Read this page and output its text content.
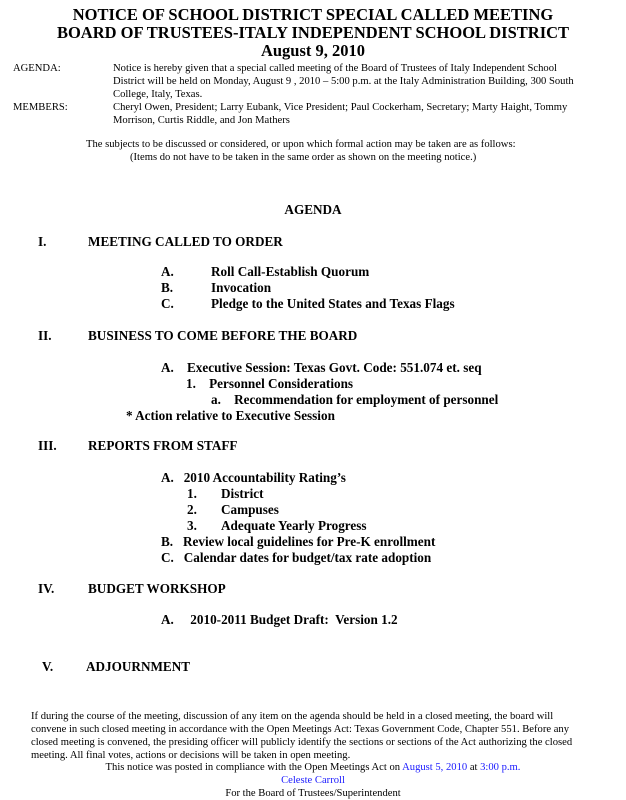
NOTICE OF SCHOOL DISTRICT SPECIAL CALLED MEETING
BOARD OF TRUSTEES-ITALY INDEPENDENT SCHOOL DISTRICT
August 9, 2010
AGENDA:	Notice is hereby given that a special called meeting of the Board of Trustees of Italy Independent School
District will be held on Monday, August 9 , 2010 – 5:00 p.m. at the Italy Administration Building, 300 South
College, Italy, Texas.
MEMBERS:	Cheryl Owen, President; Larry Eubank, Vice President; Paul Cockerham, Secretary; Marty Haight, Tommy
Morrison, Curtis Riddle, and Jon Mathers
The subjects to be discussed or considered, or upon which formal action may be taken are as follows:
(Items do not have to be taken in the same order as shown on the meeting notice.)
AGENDA
I.	MEETING CALLED TO ORDER
A.	Roll Call-Establish Quorum
B.	Invocation
C.	Pledge to the United States and Texas Flags
II.	BUSINESS TO COME BEFORE THE BOARD
A.    Executive Session: Texas Govt. Code: 551.074 et. seq
1.    Personnel Considerations
a.    Recommendation for employment of personnel
* Action relative to Executive Session
III. REPORTS FROM STAFF
A.   2010 Accountability Rating’s
1. District
2. Campuses
3. Adequate Yearly Progress
B.   Review local guidelines for Pre-K enrollment
C.   Calendar dates for budget/tax rate adoption
IV.	BUDGET WORKSHOP
A.     2010-2011 Budget Draft:  Version 1.2
V. ADJOURNMENT
If during the course of the meeting, discussion of any item on the agenda should be held in a closed meeting, the board will
convene in such closed meeting in accordance with the Open Meetings Act: Texas Government Code, Chapter 551. Before any
closed meeting is convened, the presiding officer will publicly identify the sections or sections of the Act authorizing the closed
meeting. All final votes, actions or decisions will be taken in open meeting.
This notice was posted in compliance with the Open Meetings Act on August 5, 2010 at 3:00 p.m.
Celeste Carroll
For the Board of Trustees/Superintendent
